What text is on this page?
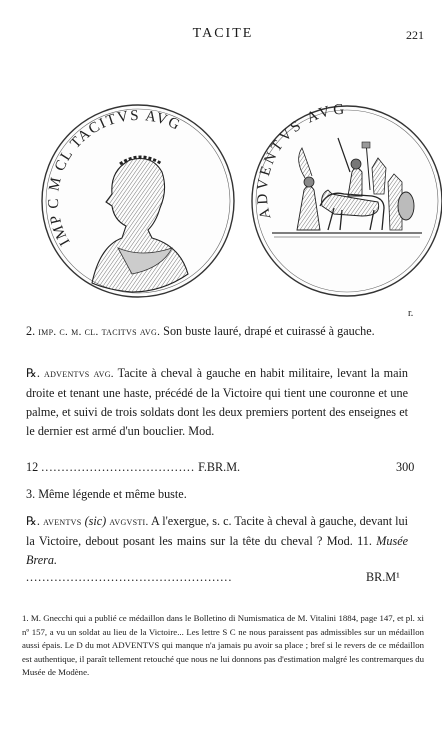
TACITE	221
IMP C M CL TACITVS AVG
ADVENTVS AVG
r.
2. imp. c. m. cl. tacitvs avg. Son buste lauré, drapé et cuirassé à gauche.
℞. adventvs avg. Tacite à cheval à gauche en habit militaire, levant la main droite et tenant une haste, précédé de la Victoire qui tient une couronne et une palme, et suivi de trois soldats dont les deux premiers portent des enseignes et le dernier est armé d'un bouclier. Mod.
12 ...................................... F.BR.M.	300
3. Même légende et même buste.
℞. aventvs (sic) avgvsti. A l'exergue, s. c. Tacite à cheval à gauche, devant lui la Victoire, debout posant les mains sur la tête du cheval ? Mod. 11. Musée Brera.
...................................................	BR.M¹
1. M. Gnecchi qui a publié ce médaillon dans le Bolletino di Numismatica de M. Vitalini 1884, page 147, et pl. xi nº 157, a vu un soldat au lieu de la Victoire... Les lettre S C ne nous paraissent pas admissibles sur un médaillon aussi épais. Le D du mot ADVENTVS qui manque n'a jamais pu avoir sa place ; bref si le revers de ce médaillon est authentique, il paraît tellement retouché que nous ne lui donnons pas d'estimation malgré les contremarques du Musée de Modène.
